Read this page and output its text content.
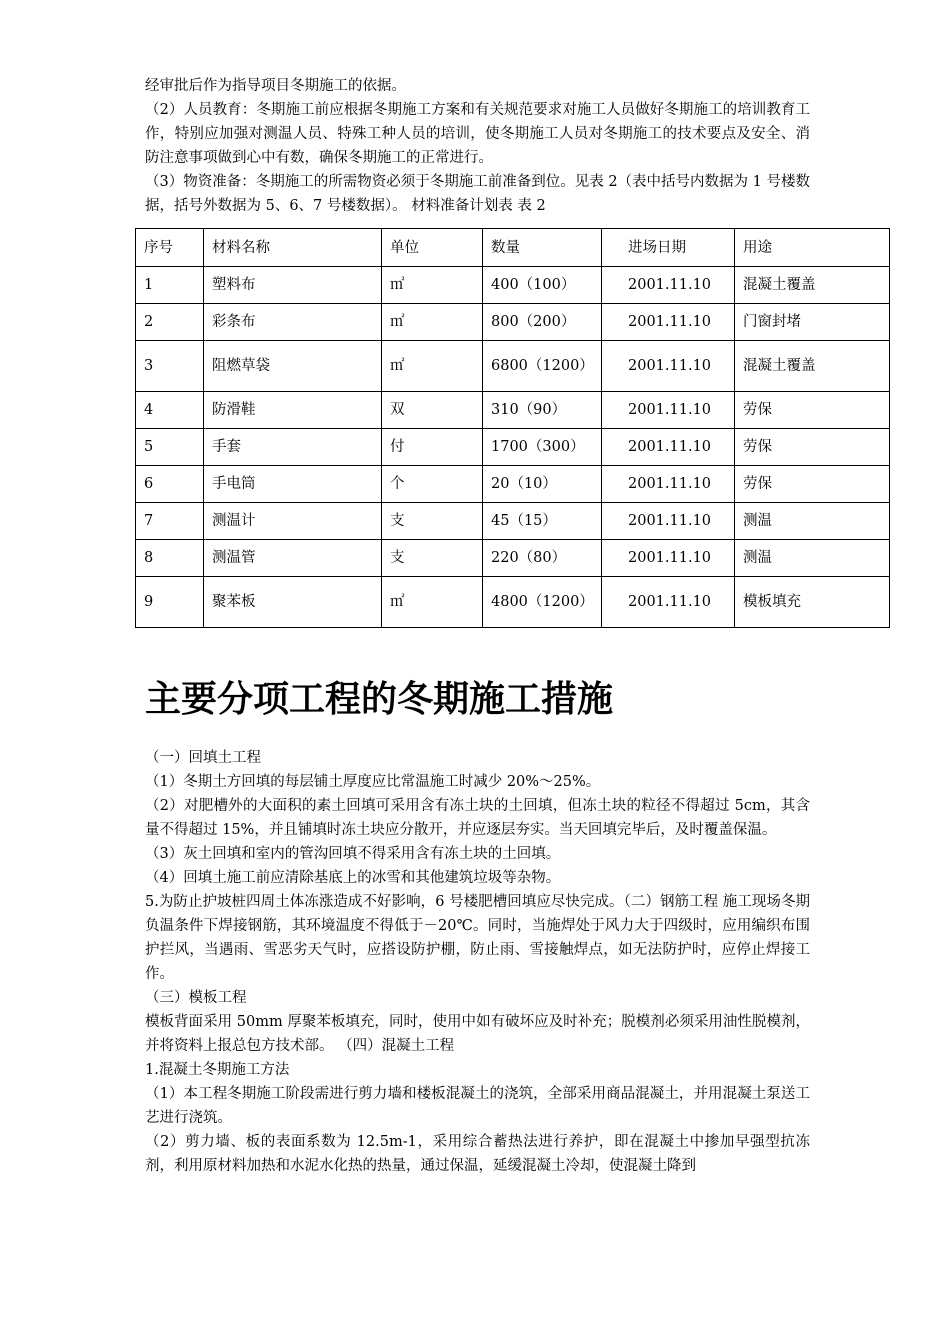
经审批后作为指导项目冬期施工的依据。

（2）人员教育：冬期施工前应根据冬期施工方案和有关规范要求对施工人员做好冬期施工的培训教育工作，特别应加强对测温人员、特殊工种人员的培训，使冬期施工人员对冬期施工的技术要点及安全、消防注意事项做到心中有数，确保冬期施工的正常进行。

（3）物资准备：冬期施工的所需物资必须于冬期施工前准备到位。见表 2（表中括号内数据为 1 号楼数据，括号外数据为 5、6、7 号楼数据）。 材料准备计划表 表 2

序号	材料名称	单位	数量	进场日期	用途
1	塑料布	㎡	400（100）	2001.11.10	混凝土覆盖
2	彩条布	㎡	800（200）	2001.11.10	门窗封堵
3	阻燃草袋	㎡	6800（1200）	2001.11.10	混凝土覆盖
4	防滑鞋	双	310（90）	2001.11.10	劳保
5	手套	付	1700（300）	2001.11.10	劳保
6	手电筒	个	20（10）	2001.11.10	劳保
7	测温计	支	45（15）	2001.11.10	测温
8	测温管	支	220（80）	2001.11.10	测温
9	聚苯板	㎡	4800（1200）	2001.11.10	模板填充
主要分项工程的冬期施工措施

（一）回填土工程

（1）冬期土方回填的每层铺土厚度应比常温施工时减少 20%～25%。

（2）对肥槽外的大面积的素土回填可采用含有冻土块的土回填，但冻土块的粒径不得超过 5cm，其含量不得超过 15%，并且铺填时冻土块应分散开，并应逐层夯实。当天回填完毕后，及时覆盖保温。

（3）灰土回填和室内的管沟回填不得采用含有冻土块的土回填。

（4）回填土施工前应清除基底上的冰雪和其他建筑垃圾等杂物。

5.为防止护坡桩四周土体冻涨造成不好影响，6 号楼肥槽回填应尽快完成。（二）钢筋工程 施工现场冬期负温条件下焊接钢筋，其环境温度不得低于－20℃。同时，当施焊处于风力大于四级时，应用编织布围护拦风，当遇雨、雪恶劣天气时，应搭设防护棚，防止雨、雪接触焊点，如无法防护时，应停止焊接工作。

（三）模板工程

模板背面采用 50mm 厚聚苯板填充，同时，使用中如有破坏应及时补充；脱模剂必须采用油性脱模剂，并将资料上报总包方技术部。 （四）混凝土工程

1.混凝土冬期施工方法

（1）本工程冬期施工阶段需进行剪力墙和楼板混凝土的浇筑，全部采用商品混凝土，并用混凝土泵送工艺进行浇筑。

（2）剪力墙、板的表面系数为 12.5m-1，采用综合蓄热法进行养护，即在混凝土中掺加早强型抗冻剂，利用原材料加热和水泥水化热的热量，通过保温，延缓混凝土冷却，使混凝土降到
